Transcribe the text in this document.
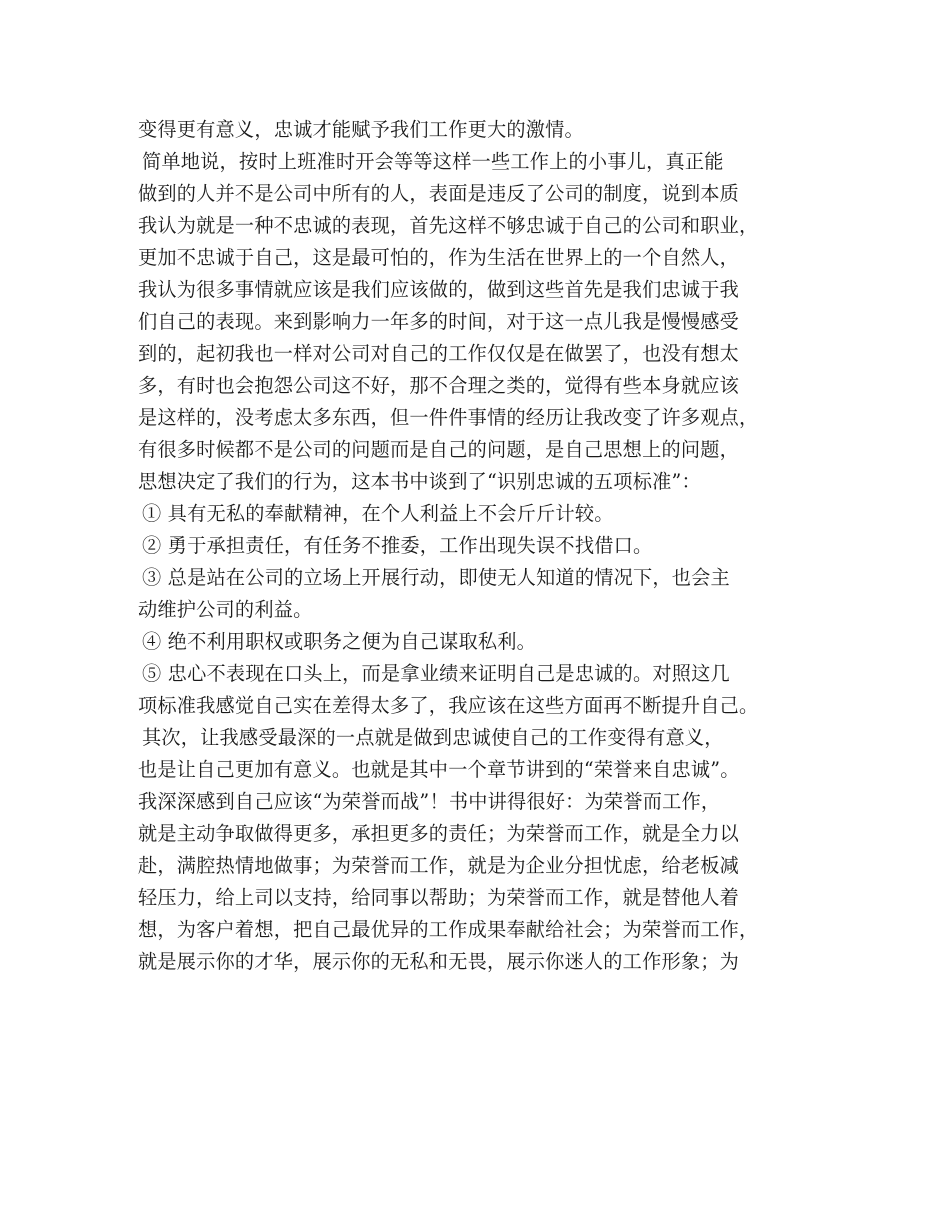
变得更有意义，忠诚才能赋予我们工作更大的激情。
简单地说，按时上班准时开会等等这样一些工作上的小事儿，真正能
做到的人并不是公司中所有的人，表面是违反了公司的制度，说到本质
我认为就是一种不忠诚的表现，首先这样不够忠诚于自己的公司和职业，
更加不忠诚于自己，这是最可怕的，作为生活在世界上的一个自然人，
我认为很多事情就应该是我们应该做的，做到这些首先是我们忠诚于我
们自己的表现。来到影响力一年多的时间，对于这一点儿我是慢慢感受
到的，起初我也一样对公司对自己的工作仅仅是在做罢了，也没有想太
多，有时也会抱怨公司这不好，那不合理之类的，觉得有些本身就应该
是这样的，没考虑太多东西，但一件件事情的经历让我改变了许多观点，
有很多时候都不是公司的问题而是自己的问题，是自己思想上的问题，
思想决定了我们的行为，这本书中谈到了“识别忠诚的五项标准”：
① 具有无私的奉献精神，在个人利益上不会斤斤计较。
② 勇于承担责任，有任务不推委，工作出现失误不找借口。
③ 总是站在公司的立场上开展行动，即使无人知道的情况下，也会主
动维护公司的利益。
④ 绝不利用职权或职务之便为自己谋取私利。
⑤ 忠心不表现在口头上，而是拿业绩来证明自己是忠诚的。对照这几
项标准我感觉自己实在差得太多了，我应该在这些方面再不断提升自己。
其次，让我感受最深的一点就是做到忠诚使自己的工作变得有意义，
也是让自己更加有意义。也就是其中一个章节讲到的“荣誉来自忠诚”。
我深深感到自己应该“为荣誉而战”！书中讲得很好：为荣誉而工作，
就是主动争取做得更多，承担更多的责任；为荣誉而工作，就是全力以
赴，满腔热情地做事；为荣誉而工作，就是为企业分担忧虑，给老板减
轻压力，给上司以支持，给同事以帮助；为荣誉而工作，就是替他人着
想，为客户着想，把自己最优异的工作成果奉献给社会；为荣誉而工作，
就是展示你的才华，展示你的无私和无畏，展示你迷人的工作形象；为
